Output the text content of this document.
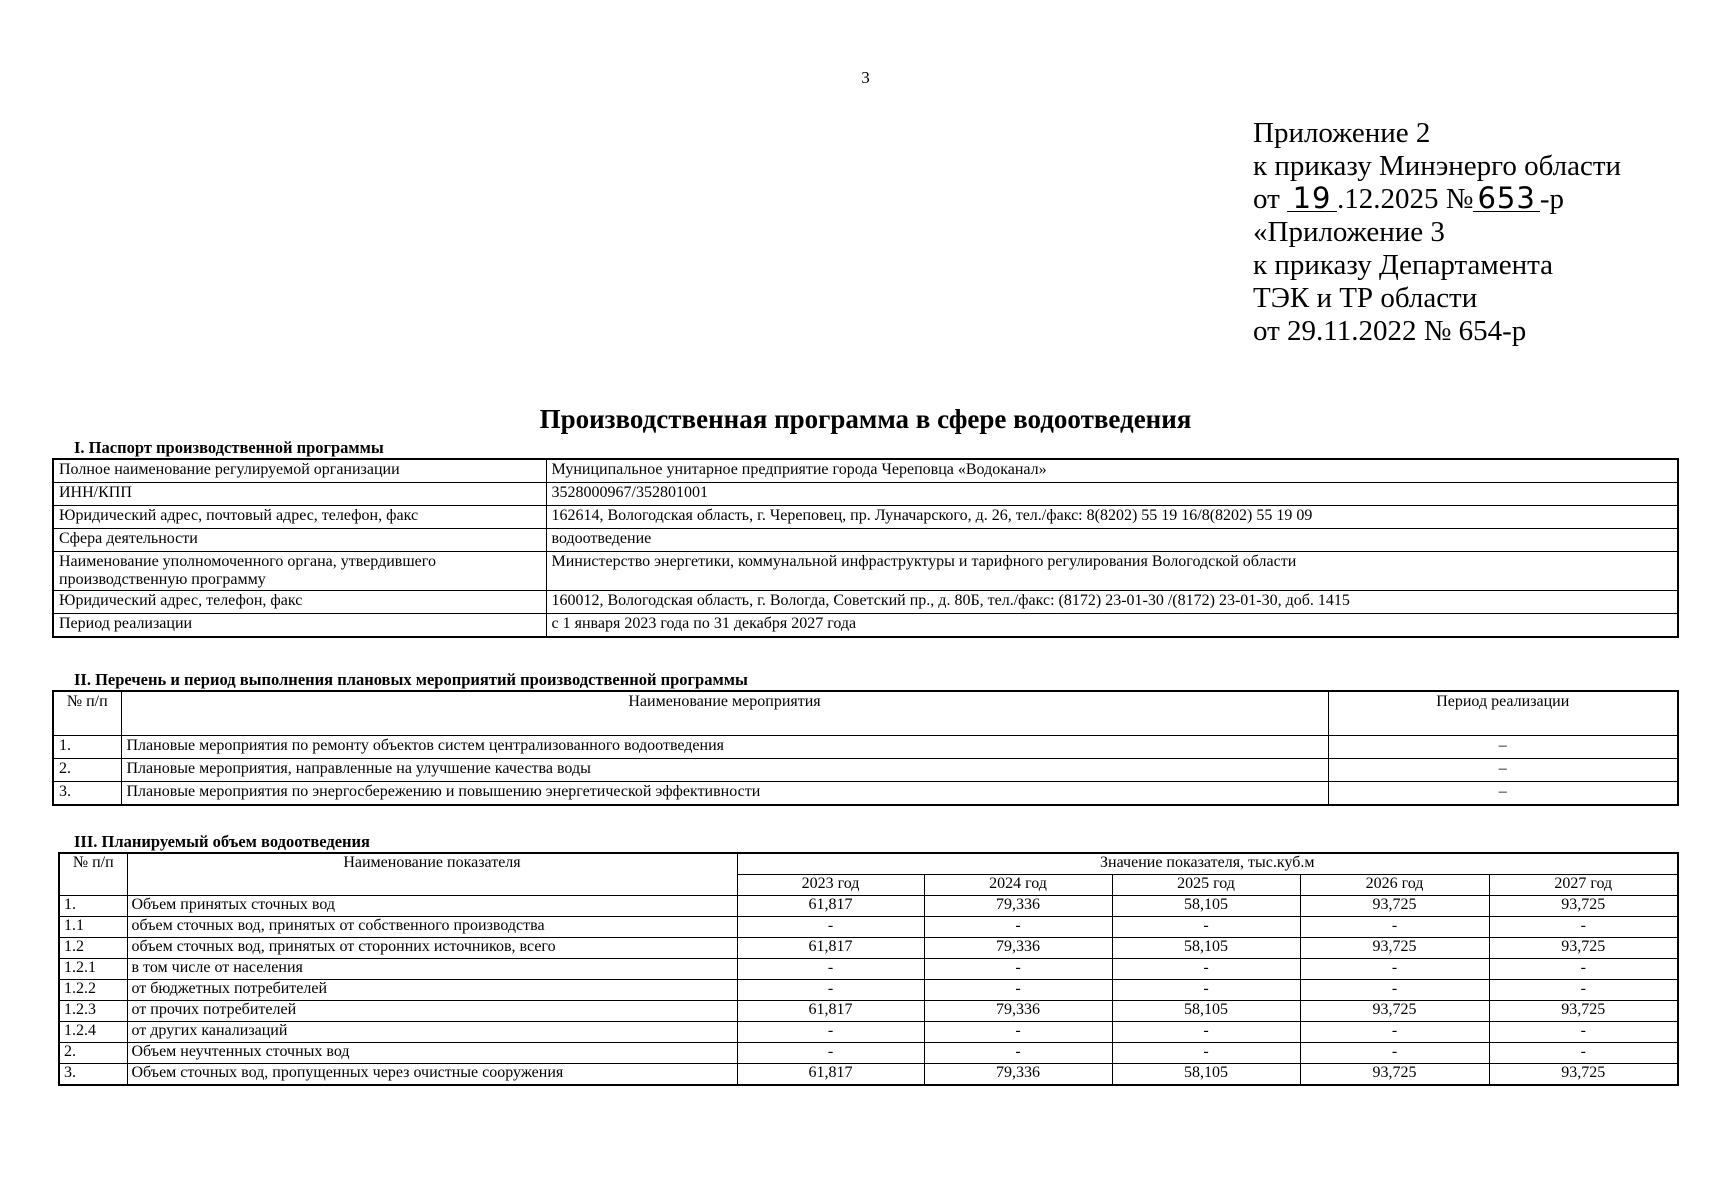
3
Приложение 2
к приказу Минэнерго области
от 19 .12.2025 № 653 -р
«Приложение 3
к приказу Департамента
ТЭК и ТР области
от 29.11.2022 № 654-р
Производственная программа в сфере водоотведения
I. Паспорт производственной программы
Полное наименование регулируемой организации	Муниципальное унитарное предприятие города Череповца «Водоканал»
ИНН/КПП	3528000967/352801001
Юридический адрес, почтовый адрес, телефон, факс	162614, Вологодская область, г. Череповец, пр. Луначарского, д. 26, тел./факс: 8(8202) 55 19 16/8(8202) 55 19 09
Сфера деятельности	водоотведение
Наименование уполномоченного органа, утвердившего производственную программу	Министерство энергетики, коммунальной инфраструктуры и тарифного регулирования Вологодской области
Юридический адрес, телефон, факс	160012, Вологодская область, г. Вологда, Советский пр., д. 80Б, тел./факс: (8172) 23-01-30 /(8172) 23-01-30, доб. 1415
Период реализации	с 1 января 2023 года по 31 декабря 2027 года
II. Перечень и период выполнения плановых мероприятий производственной программы
№ п/п	Наименование мероприятия	Период реализации
1.	Плановые мероприятия по ремонту объектов систем централизованного водоотведения	–
2.	Плановые мероприятия, направленные на улучшение качества воды	–
3.	Плановые мероприятия по энергосбережению и повышению энергетической эффективности	–
III. Планируемый объем водоотведения
№ п/п	Наименование показателя	Значение показателя, тыс.куб.м				
		2023 год	2024 год	2025 год	2026 год	2027 год
1.	Объем принятых сточных вод	61,817	79,336	58,105	93,725	93,725
1.1	объем сточных вод, принятых от собственного производства	-	-	-	-	-
1.2	объем сточных вод, принятых от сторонних источников, всего	61,817	79,336	58,105	93,725	93,725
1.2.1	в том числе от населения	-	-	-	-	-
1.2.2	от бюджетных потребителей	-	-	-	-	-
1.2.3	от прочих потребителей	61,817	79,336	58,105	93,725	93,725
1.2.4	от других канализаций	-	-	-	-	-
2.	Объем неучтенных сточных вод	-	-	-	-	-
3.	Объем сточных вод, пропущенных через очистные сооружения	61,817	79,336	58,105	93,725	93,725
